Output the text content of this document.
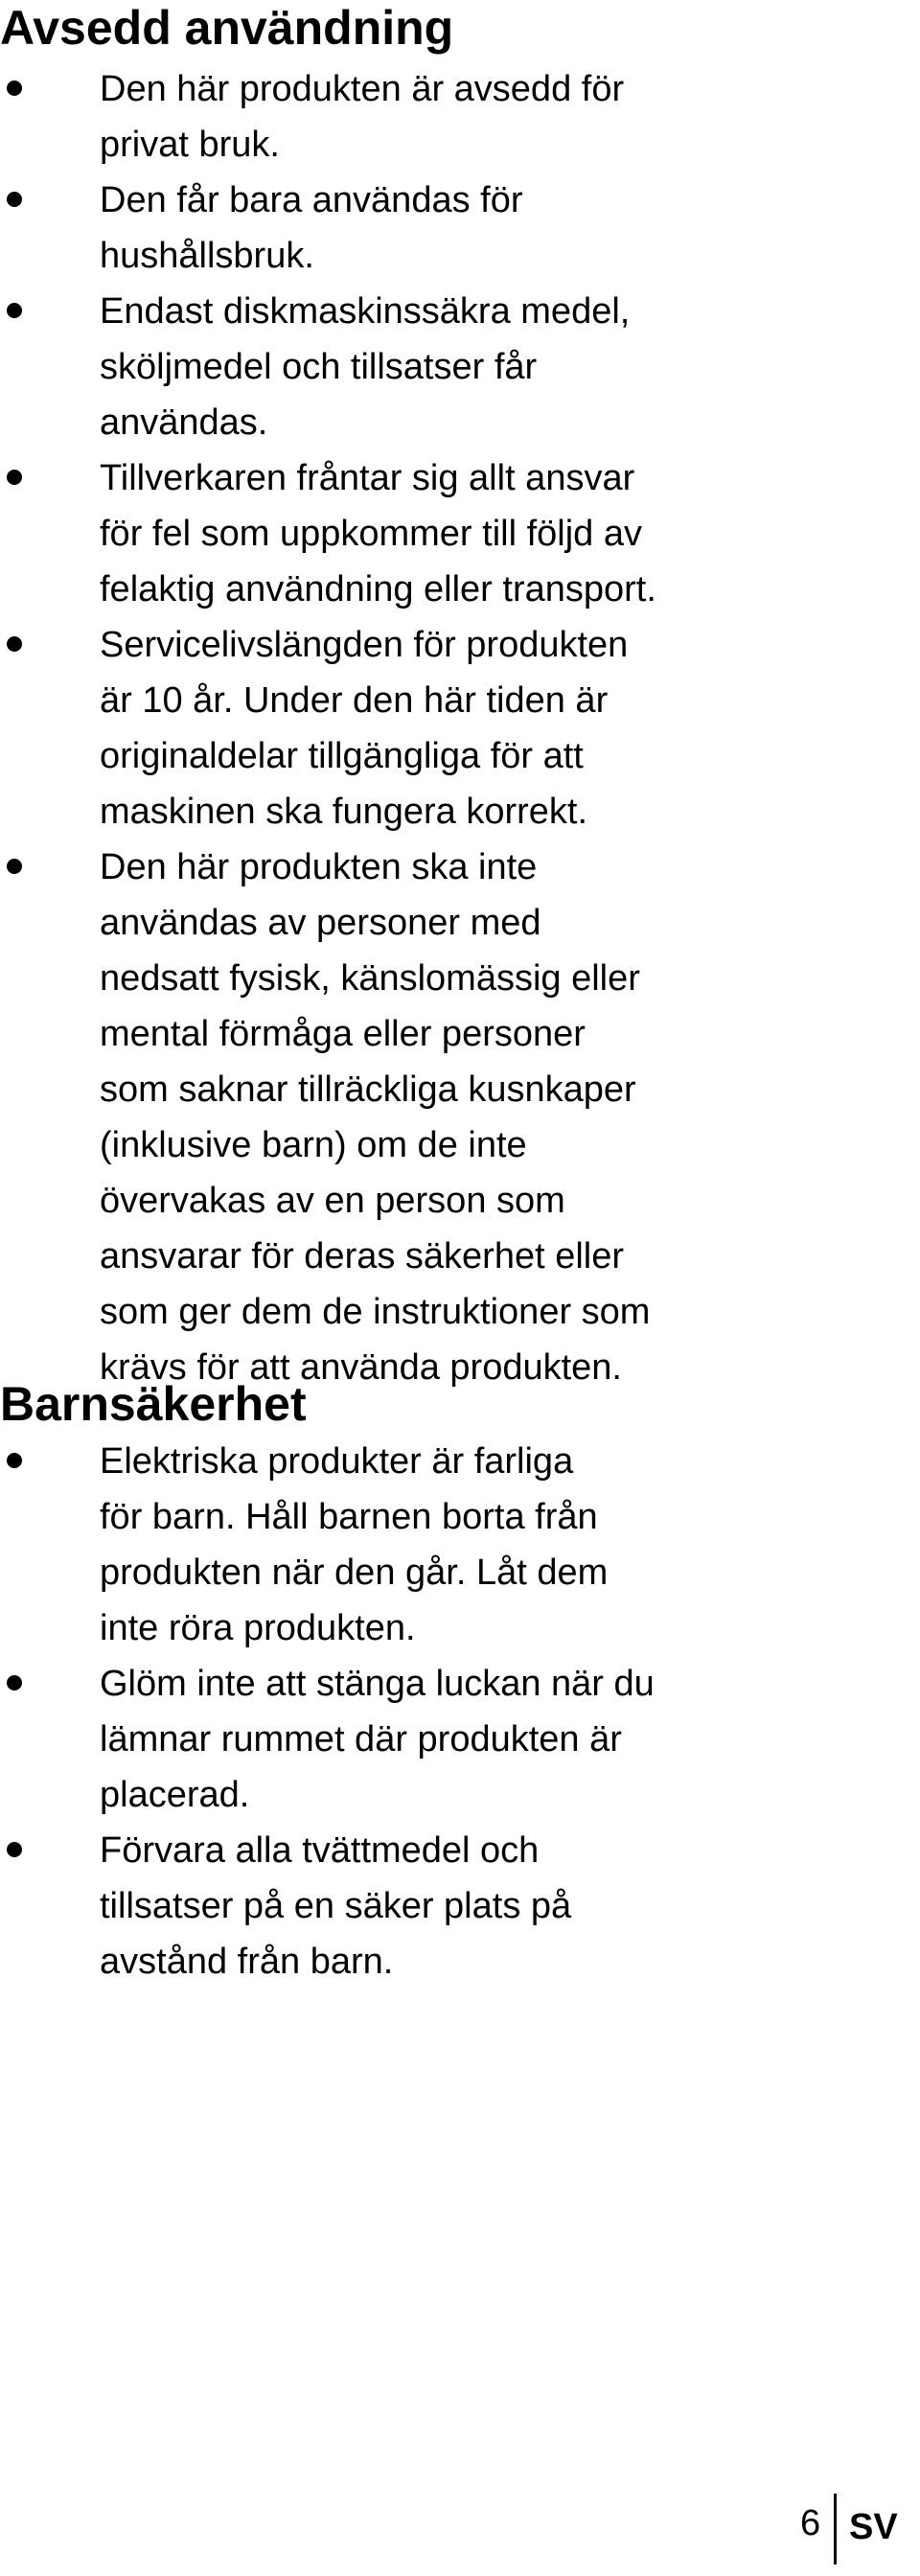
Avsedd användning
Den här produkten är avsedd för
privat bruk.
Den får bara användas för
hushållsbruk.
Endast diskmaskinssäkra medel,
sköljmedel och tillsatser får
användas.
Tillverkaren fråntar sig allt ansvar
för fel som uppkommer till följd av
felaktig användning eller transport.
Servicelivslängden för produkten
är 10 år. Under den här tiden är
originaldelar tillgängliga för att
maskinen ska fungera korrekt.
Den här produkten ska inte
användas av personer med
nedsatt fysisk, känslomässig eller
mental förmåga eller personer
som saknar tillräckliga kusnkaper
(inklusive barn) om de inte
övervakas av en person som
ansvarar för deras säkerhet eller
som ger dem de instruktioner som
krävs för att använda produkten.
Barnsäkerhet
Elektriska produkter är farliga
för barn. Håll barnen borta från
produkten när den går. Låt dem
inte röra produkten.
Glöm inte att stänga luckan när du
lämnar rummet där produkten är
placerad.
Förvara alla tvättmedel och
tillsatser på en säker plats på
avstånd från barn.
6 SV
